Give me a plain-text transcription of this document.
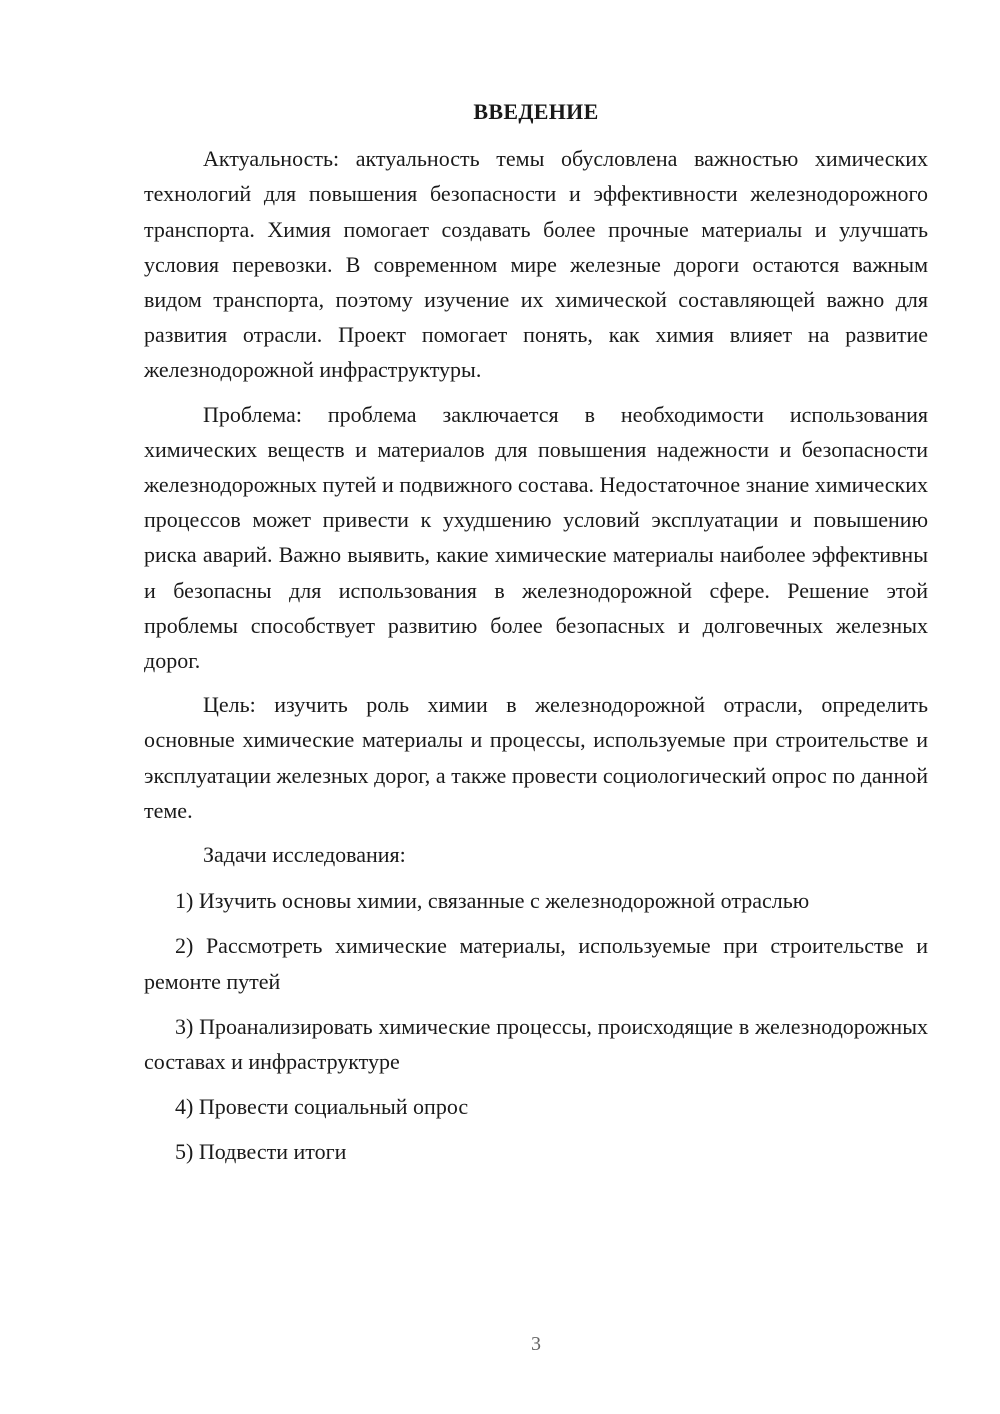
ВВЕДЕНИЕ

Актуальность: актуальность темы обусловлена важностью химических технологий для повышения безопасности и эффективности железнодорожного транспорта. Химия помогает создавать более прочные материалы и улучшать условия перевозки. В современном мире железные дороги остаются важным видом транспорта, поэтому изучение их химической составляющей важно для развития отрасли. Проект помогает понять, как химия влияет на развитие железнодорожной инфраструктуры.

Проблема: проблема заключается в необходимости использования химических веществ и материалов для повышения надежности и безопасности железнодорожных путей и подвижного состава. Недостаточное знание химических процессов может привести к ухудшению условий эксплуатации и повышению риска аварий. Важно выявить, какие химические материалы наиболее эффективны и безопасны для использования в железнодорожной сфере. Решение этой проблемы способствует развитию более безопасных и долговечных железных дорог.

Цель: изучить роль химии в железнодорожной отрасли, определить основные химические материалы и процессы, используемые при строительстве и эксплуатации железных дорог, а также провести социологический опрос по данной теме.

Задачи исследования:

1) Изучить основы химии, связанные с железнодорожной отраслью

2) Рассмотреть химические материалы, используемые при строительстве и ремонте путей

3) Проанализировать химические процессы, происходящие в железнодорожных составах и инфраструктуре

4) Провести социальный опрос

5) Подвести итоги

3
